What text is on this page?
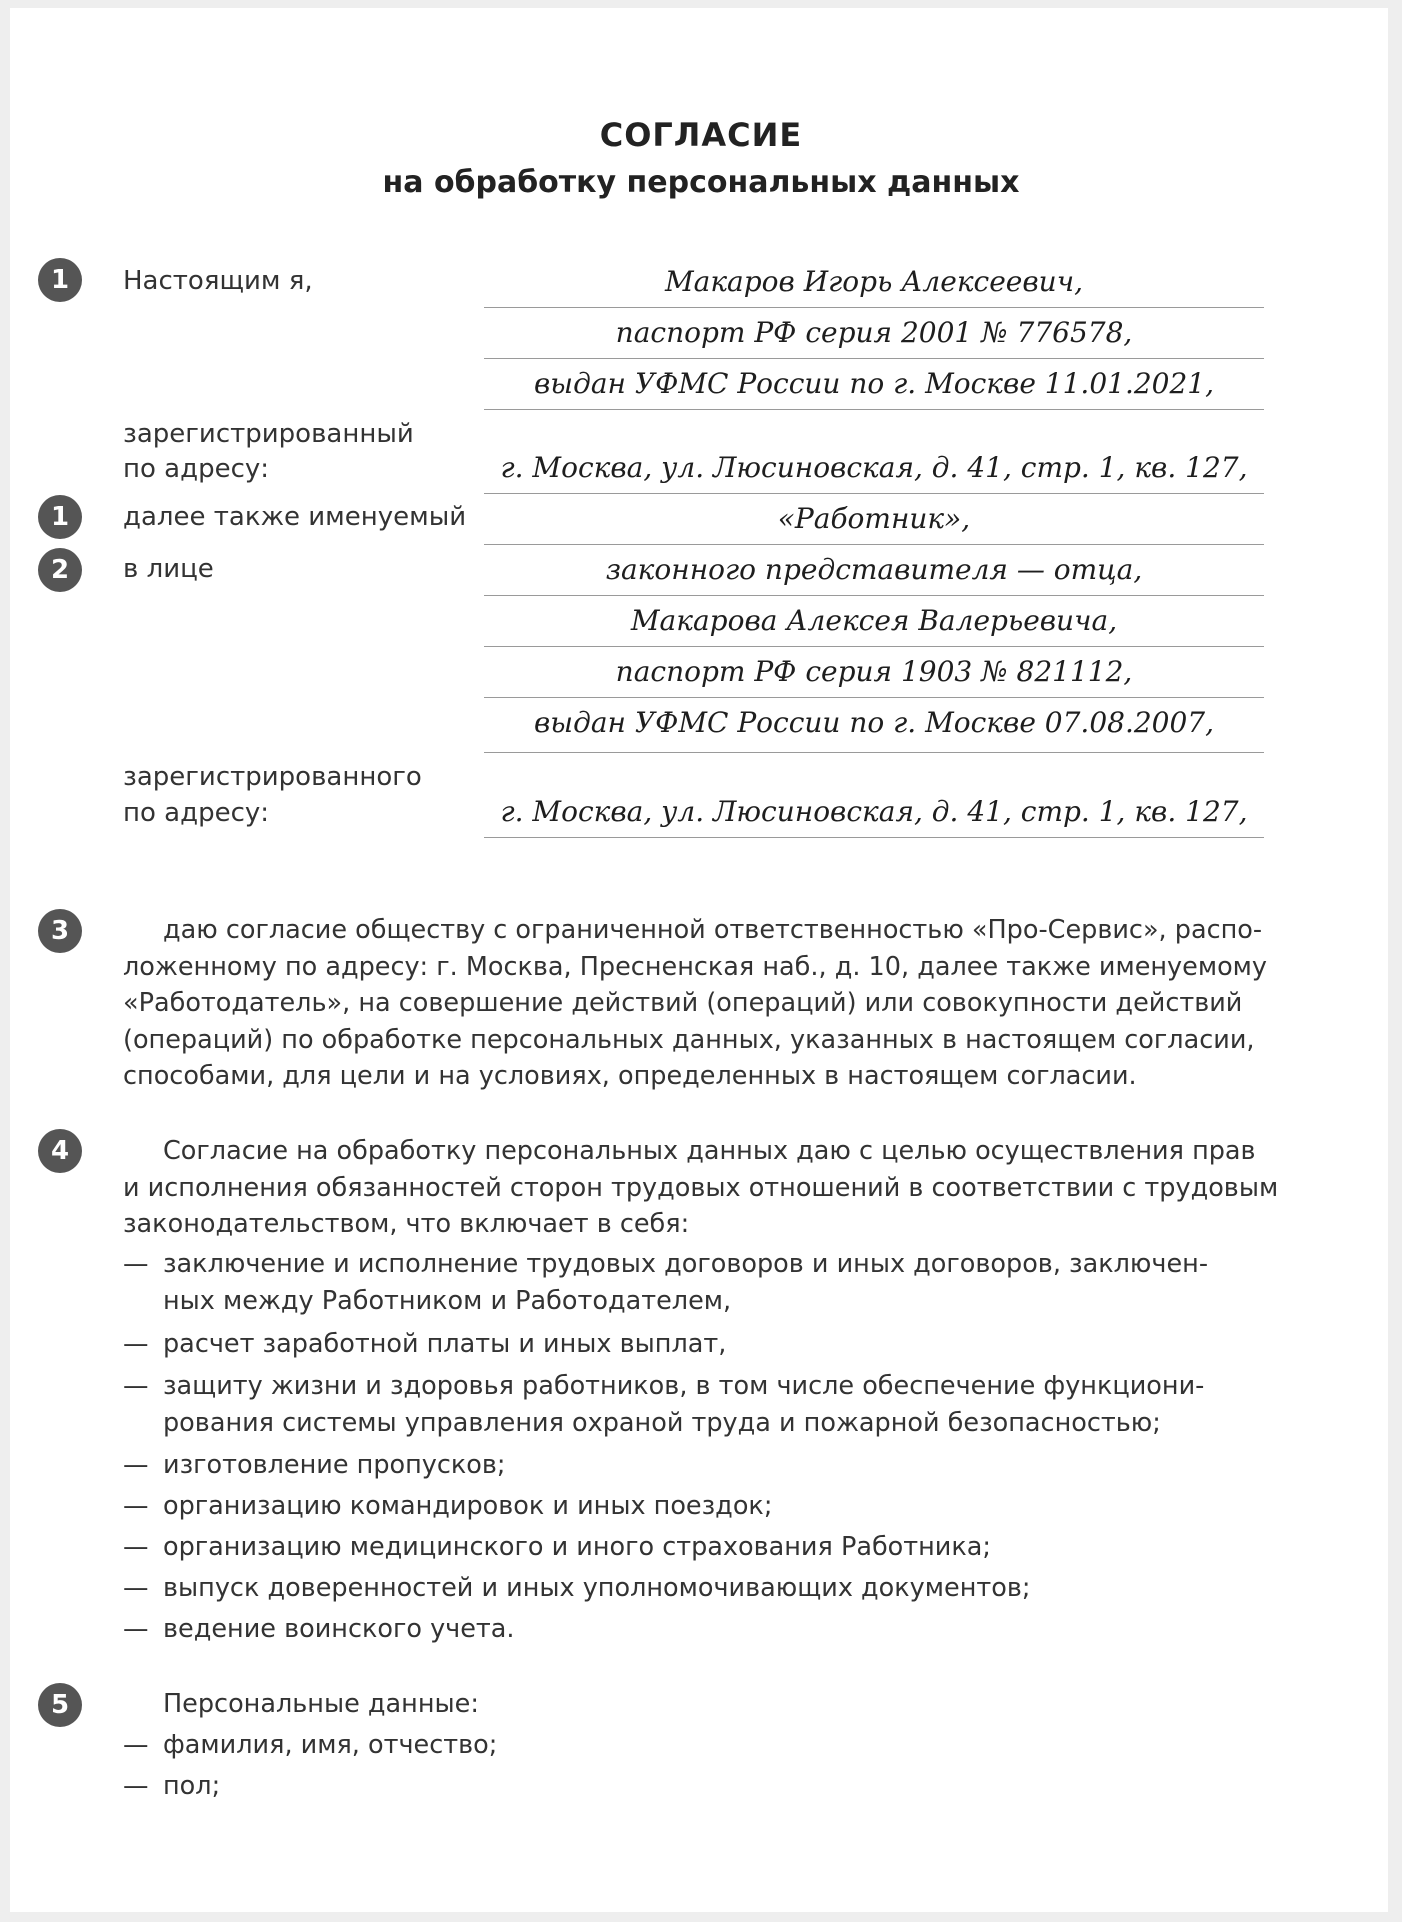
СОГЛАСИЕ
на обработку персональных данных
1
1
2
3
4
5
Настоящим я,
зарегистрированный
по адресу:
далее также именуемый
в лице
зарегистрированного
по адресу:
Макаров Игорь Алексеевич,
паспорт РФ серия 2001 № 776578,
выдан УФМС России по г. Москве 11.01.2021,
г. Москва, ул. Люсиновская, д. 41, стр. 1, кв. 127,
«Работник»,
законного представителя — отца,
Макарова Алексея Валерьевича,
паспорт РФ серия 1903 № 821112,
выдан УФМС России по г. Москве 07.08.2007,
г. Москва, ул. Люсиновская, д. 41, стр. 1, кв. 127,
даю согласие обществу с ограниченной ответственностью «Про-Сервис», распо-
ложенному по адресу: г. Москва, Пресненская наб., д. 10, далее также именуемому
«Работодатель», на совершение действий (операций) или совокупности действий
(операций) по обработке персональных данных, указанных в настоящем согласии,
способами, для цели и на условиях, определенных в настоящем согласии.
Согласие на обработку персональных данных даю с целью осуществления прав
и исполнения обязанностей сторон трудовых отношений в соответствии с трудовым
законодательством, что включает в себя:
— заключение и исполнение трудовых договоров и иных договоров, заключен-
ных между Работником и Работодателем,
— расчет заработной платы и иных выплат,
— защиту жизни и здоровья работников, в том числе обеспечение функциони-
рования системы управления охраной труда и пожарной безопасностью;
— изготовление пропусков;
— организацию командировок и иных поездок;
— организацию медицинского и иного страхования Работника;
— выпуск доверенностей и иных уполномочивающих документов;
— ведение воинского учета.
Персональные данные:
— фамилия, имя, отчество;
— пол;
